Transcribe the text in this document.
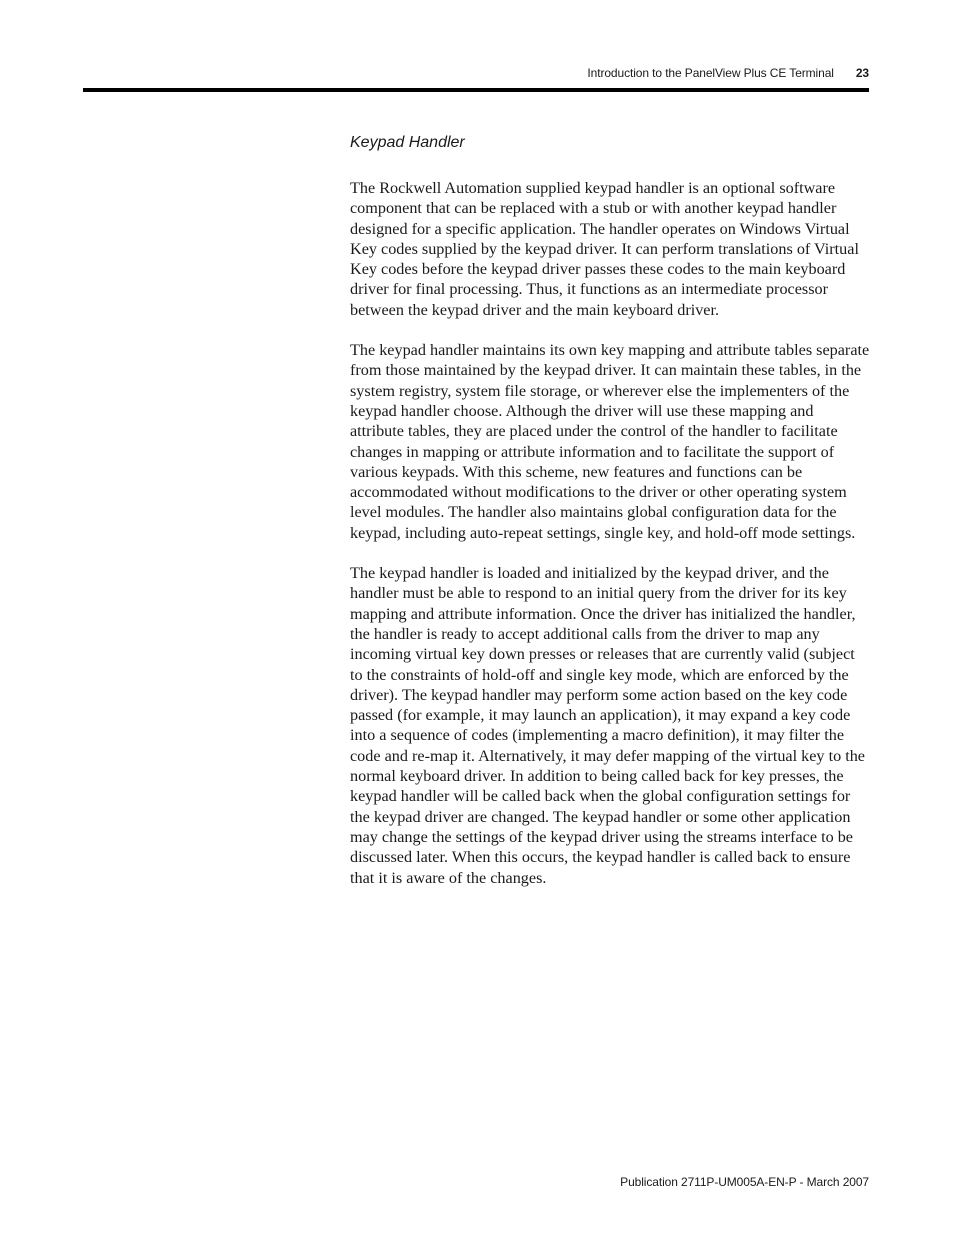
Introduction to the PanelView Plus CE Terminal 23
Keypad Handler

The Rockwell Automation supplied keypad handler is an optional software component that can be replaced with a stub or with another keypad handler designed for a specific application. The handler operates on Windows Virtual Key codes supplied by the keypad driver. It can perform translations of Virtual Key codes before the keypad driver passes these codes to the main keyboard driver for final processing. Thus, it functions as an intermediate processor between the keypad driver and the main keyboard driver.

The keypad handler maintains its own key mapping and attribute tables separate from those maintained by the keypad driver. It can maintain these tables, in the system registry, system file storage, or wherever else the implementers of the keypad handler choose. Although the driver will use these mapping and attribute tables, they are placed under the control of the handler to facilitate changes in mapping or attribute information and to facilitate the support of various keypads. With this scheme, new features and functions can be accommodated without modifications to the driver or other operating system level modules. The handler also maintains global configuration data for the keypad, including auto-repeat settings, single key, and hold-off mode settings.

The keypad handler is loaded and initialized by the keypad driver, and the handler must be able to respond to an initial query from the driver for its key mapping and attribute information. Once the driver has initialized the handler, the handler is ready to accept additional calls from the driver to map any incoming virtual key down presses or releases that are currently valid (subject to the constraints of hold-off and single key mode, which are enforced by the driver). The keypad handler may perform some action based on the key code passed (for example, it may launch an application), it may expand a key code into a sequence of codes (implementing a macro definition), it may filter the code and re-map it. Alternatively, it may defer mapping of the virtual key to the normal keyboard driver. In addition to being called back for key presses, the keypad handler will be called back when the global configuration settings for the keypad driver are changed. The keypad handler or some other application may change the settings of the keypad driver using the streams interface to be discussed later. When this occurs, the keypad handler is called back to ensure that it is aware of the changes.

Publication 2711P-UM005A-EN-P - March 2007
